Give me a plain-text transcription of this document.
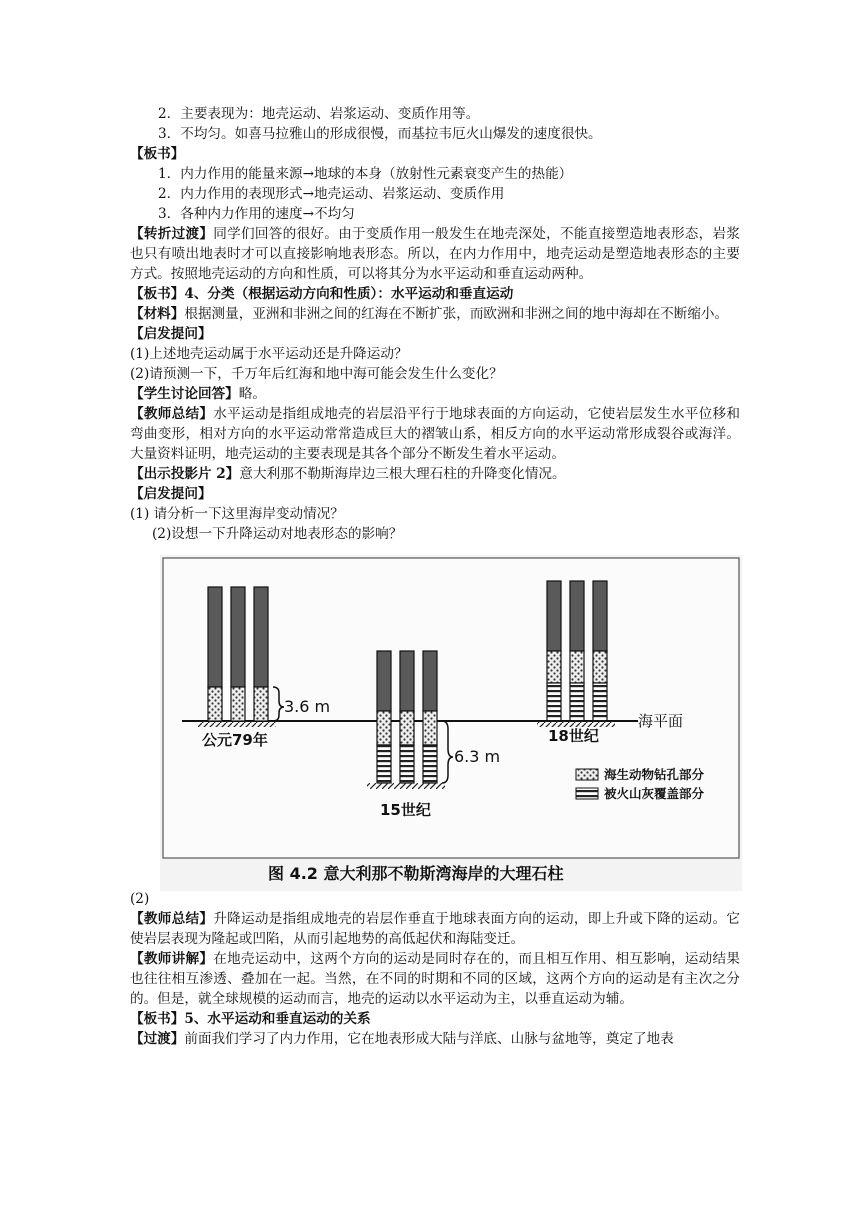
2．主要表现为：地壳运动、岩浆运动、变质作用等。
3．不均匀。如喜马拉雅山的形成很慢，而基拉韦厄火山爆发的速度很快。
【板书】
1．内力作用的能量来源→地球的本身（放射性元素衰变产生的热能）
2．内力作用的表现形式→地壳运动、岩浆运动、变质作用
3．各种内力作用的速度→不均匀
【转折过渡】同学们回答的很好。由于变质作用一般发生在地壳深处，不能直接塑造地表形态，岩浆也只有喷出地表时才可以直接影响地表形态。所以，在内力作用中，地壳运动是塑造地表形态的主要方式。按照地壳运动的方向和性质，可以将其分为水平运动和垂直运动两种。
【板书】4、分类（根据运动方向和性质）：水平运动和垂直运动
【材料】根据测量，亚洲和非洲之间的红海在不断扩张，而欧洲和非洲之间的地中海却在不断缩小。
【启发提问】
(1)上述地壳运动属于水平运动还是升降运动？
(2)请预测一下，千万年后红海和地中海可能会发生什么变化？
【学生讨论回答】略。
【教师总结】水平运动是指组成地壳的岩层沿平行于地球表面的方向运动，它使岩层发生水平位移和弯曲变形，相对方向的水平运动常常造成巨大的褶皱山系，相反方向的水平运动常形成裂谷或海洋。大量资料证明，地壳运动的主要表现是其各个部分不断发生着水平运动。
【出示投影片 2】意大利那不勒斯海岸边三根大理石柱的升降变化情况。
【启发提问】
(1) 请分析一下这里海岸变动情况？
(2)设想一下升降运动对地表形态的影响？
海平面
3.6 m
公元79年
6.3 m
15世纪
18世纪
海生动物钻孔部分
被火山灰覆盖部分
图 4.2 意大利那不勒斯湾海岸的大理石柱
(2)
【教师总结】升降运动是指组成地壳的岩层作垂直于地球表面方向的运动，即上升或下降的运动。它使岩层表现为隆起或凹陷，从而引起地势的高低起伏和海陆变迁。
【教师讲解】在地壳运动中，这两个方向的运动是同时存在的，而且相互作用、相互影响，运动结果也往往相互渗透、叠加在一起。当然，在不同的时期和不同的区域，这两个方向的运动是有主次之分的。但是，就全球规模的运动而言，地壳的运动以水平运动为主，以垂直运动为辅。
【板书】5、水平运动和垂直运动的关系
【过渡】前面我们学习了内力作用，它在地表形成大陆与洋底、山脉与盆地等，奠定了地表
